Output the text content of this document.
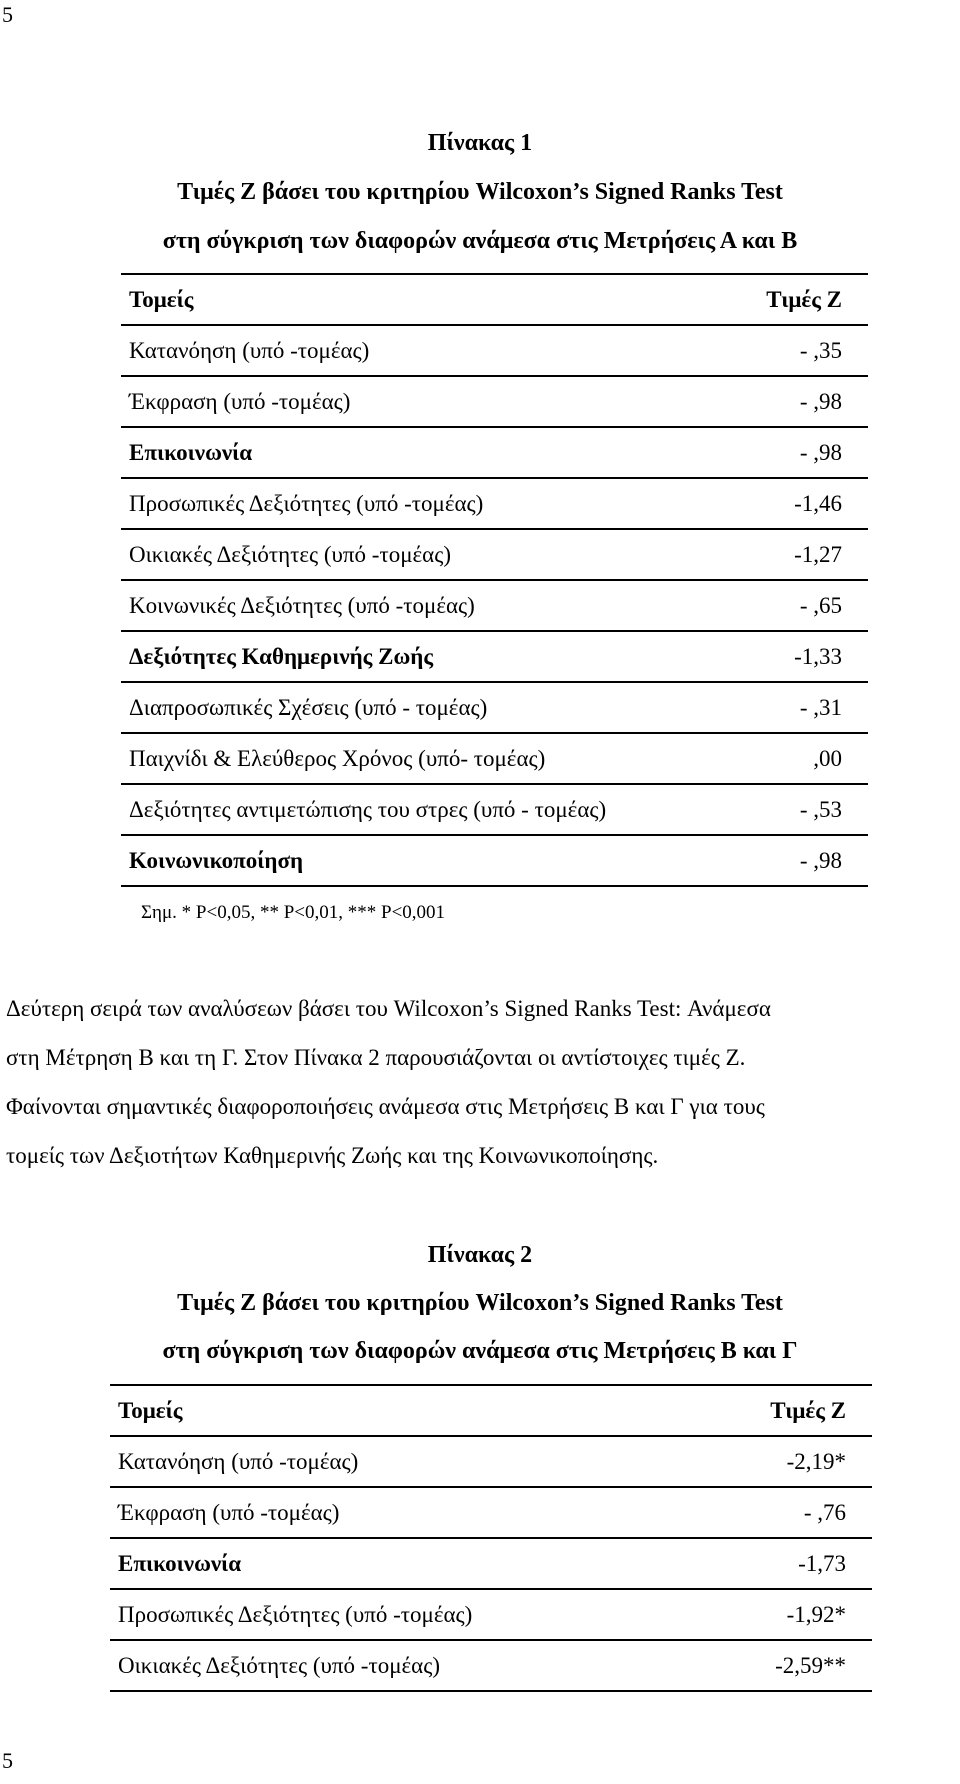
5
Πίνακας 1
Τιμές Ζ βάσει του κριτηρίου Wilcoxon’s Signed Ranks Test
στη σύγκριση των διαφορών ανάμεσα στις Μετρήσεις Α και Β
Τομείς	Τιμές Ζ
Κατανόηση (υπό -τομέας)	- ,35
Έκφραση (υπό -τομέας)	- ,98
Επικοινωνία	- ,98
Προσωπικές Δεξιότητες (υπό -τομέας)	-1,46
Οικιακές Δεξιότητες (υπό -τομέας)	-1,27
Κοινωνικές Δεξιότητες (υπό -τομέας)	- ,65
Δεξιότητες Καθημερινής Ζωής	-1,33
Διαπροσωπικές Σχέσεις (υπό - τομέας)	- ,31
Παιχνίδι & Ελεύθερος Χρόνος (υπό- τομέας)	,00
Δεξιότητες αντιμετώπισης του στρες (υπό - τομέας)	- ,53
Κοινωνικοποίηση	- ,98
Σημ. * P<0,05, ** P<0,01, *** P<0,001
Δεύτερη σειρά των αναλύσεων βάσει του Wilcoxon’s Signed Ranks Test: Ανάμεσα
στη Μέτρηση Β και τη Γ. Στον Πίνακα 2 παρουσιάζονται οι αντίστοιχες τιμές Ζ.
Φαίνονται σημαντικές διαφοροποιήσεις ανάμεσα στις Μετρήσεις Β και Γ για τους
τομείς των Δεξιοτήτων Καθημερινής Ζωής και της Κοινωνικοποίησης.
Πίνακας 2
Τιμές Ζ βάσει του κριτηρίου Wilcoxon’s Signed Ranks Test
στη σύγκριση των διαφορών ανάμεσα στις Μετρήσεις Β και Γ
Τομείς	Τιμές Ζ
Κατανόηση (υπό -τομέας)	-2,19*
Έκφραση (υπό -τομέας)	- ,76
Επικοινωνία	-1,73
Προσωπικές Δεξιότητες (υπό -τομέας)	-1,92*
Οικιακές Δεξιότητες (υπό -τομέας)	-2,59**
5
